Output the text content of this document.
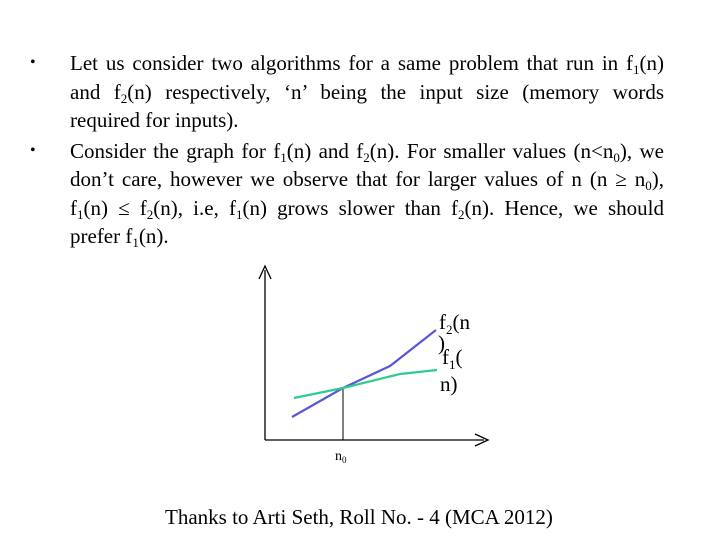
• Let us consider two algorithms for a same problem that run in $f_1(n)$ and $f_2(n)$ respectively, ‘n’ being the input size (memory words required for inputs).
• Consider the graph for $f_1(n)$ and $f_2(n)$. For smaller values $(n<n_0)$, we don’t care, however we observe that for larger values of n $(n \ge n_0)$, $f_1(n) \le f_2(n)$, i.e, $f_1(n)$ grows slower than $f_2(n)$. Hence, we should prefer $f_1(n)$.
$f_2(n$
)
$f_1$(
n)
$n_0$
Thanks to Arti Seth, Roll No. - 4 (MCA 2012)
